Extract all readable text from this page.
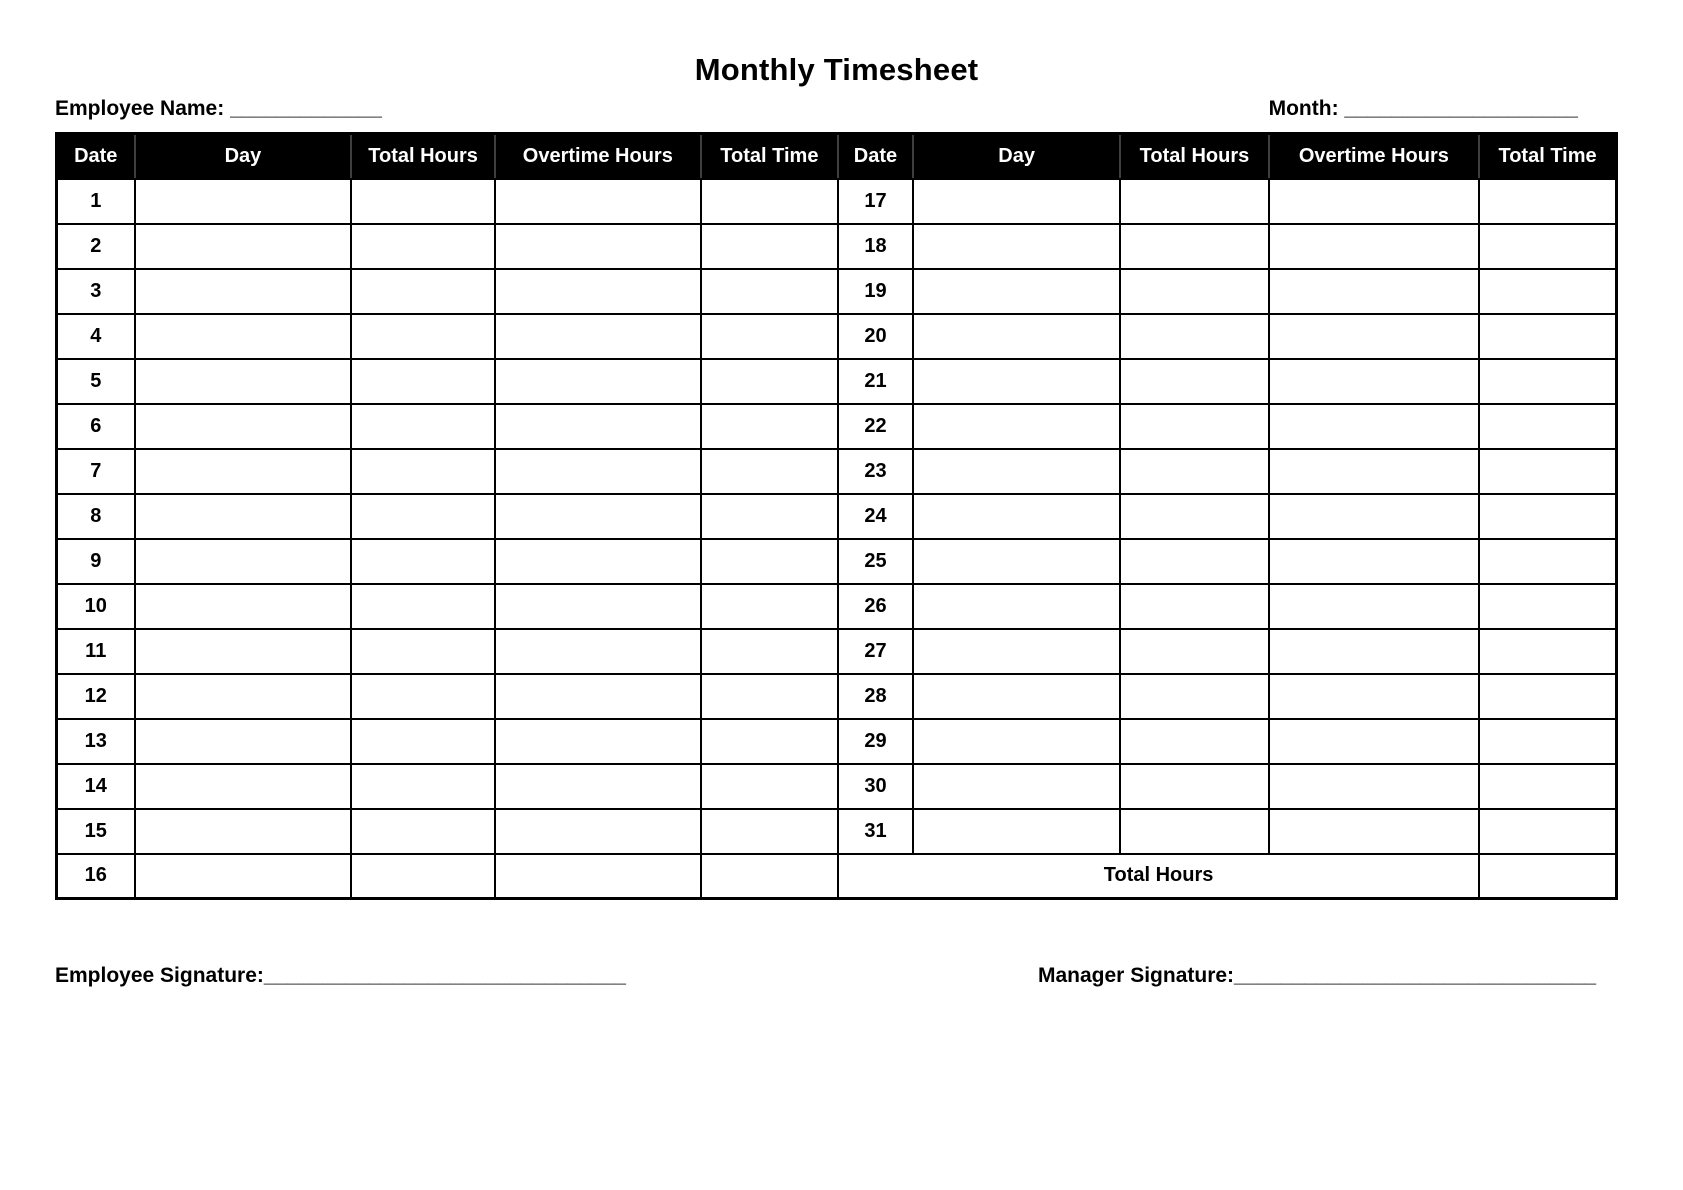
Monthly Timesheet
Employee Name: _____________	Month: ____________________
Date	Day	Total Hours	Overtime Hours	Total Time	Date	Day	Total Hours	Overtime Hours	Total Time
1					17				
2					18				
3					19				
4					20				
5					21				
6					22				
7					23				
8					24				
9					25				
10					26				
11					27				
12					28				
13					29				
14					30				
15					31				
16					Total Hours				
Employee Signature:_______________________________	Manager Signature:_______________________________
